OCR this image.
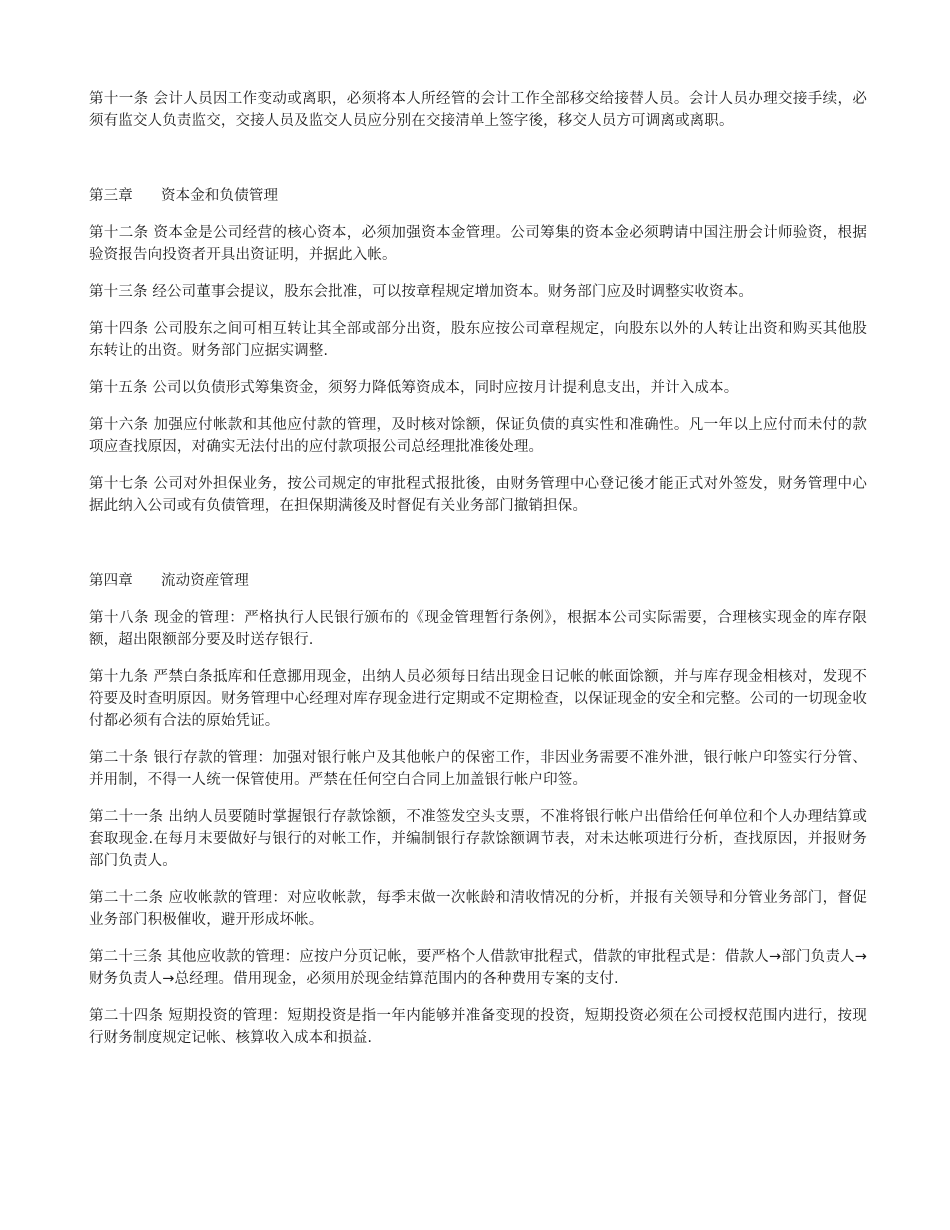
第十一条 会计人员因工作变动或离职，必须将本人所经管的会计工作全部移交给接替人员。会计人员办理交接手续，必须有监交人负责监交，交接人员及监交人员应分别在交接清单上签字後，移交人员方可调离或离职。

第三章 资本金和负债管理

第十二条 资本金是公司经营的核心资本，必须加强资本金管理。公司筹集的资本金必须聘请中国注册会计师验资，根据验资报告向投资者开具出资证明，并据此入帐。

第十三条 经公司董事会提议，股东会批准，可以按章程规定增加资本。财务部门应及时调整实收资本。

第十四条 公司股东之间可相互转让其全部或部分出资，股东应按公司章程规定，向股东以外的人转让出资和购买其他股东转让的出资。财务部门应据实调整.

第十五条 公司以负债形式筹集资金，须努力降低筹资成本，同时应按月计提利息支出，并计入成本。

第十六条 加强应付帐款和其他应付款的管理，及时核对馀额，保证负债的真实性和准确性。凡一年以上应付而未付的款项应查找原因，对确实无法付出的应付款项报公司总经理批准後处理。

第十七条 公司对外担保业务，按公司规定的审批程式报批後，由财务管理中心登记後才能正式对外签发，财务管理中心据此纳入公司或有负债管理，在担保期满後及时督促有关业务部门撤销担保。

第四章 流动资産管理

第十八条 现金的管理：严格执行人民银行颁布的《现金管理暂行条例》，根据本公司实际需要，合理核实现金的库存限额，超出限额部分要及时送存银行.

第十九条 严禁白条抵库和任意挪用现金，出纳人员必须每日结出现金日记帐的帐面馀额，并与库存现金相核对，发现不符要及时查明原因。财务管理中心经理对库存现金进行定期或不定期检查，以保证现金的安全和完整。公司的一切现金收付都必须有合法的原始凭证。

第二十条 银行存款的管理：加强对银行帐户及其他帐户的保密工作，非因业务需要不准外泄，银行帐户印签实行分管、并用制，不得一人统一保管使用。严禁在任何空白合同上加盖银行帐户印签。

第二十一条 出纳人员要随时掌握银行存款馀额，不准签发空头支票，不准将银行帐户出借给任何单位和个人办理结算或套取现金.在每月末要做好与银行的对帐工作，并编制银行存款馀额调节表，对未达帐项进行分析，查找原因，并报财务部门负责人。

第二十二条 应收帐款的管理：对应收帐款，每季末做一次帐龄和清收情况的分析，并报有关领导和分管业务部门，督促业务部门积极催收，避开形成坏帐。

第二十三条 其他应收款的管理：应按户分页记帐，要严格个人借款审批程式，借款的审批程式是：借款人→部门负责人→财务负责人→总经理。借用现金，必须用於现金结算范围内的各种费用专案的支付.

第二十四条 短期投资的管理：短期投资是指一年内能够并准备变现的投资，短期投资必须在公司授权范围内进行，按现行财务制度规定记帐、核算收入成本和损益.
